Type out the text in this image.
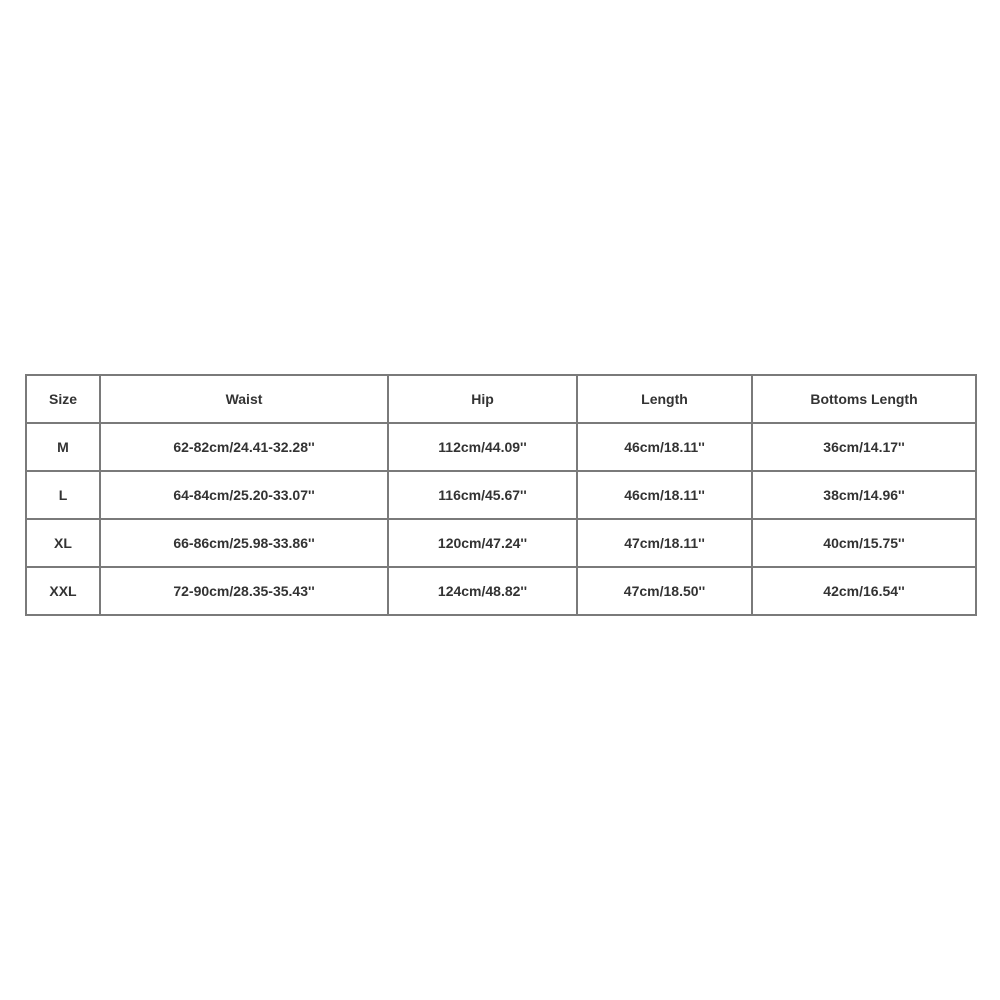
Size	Waist	Hip	Length	Bottoms Length
M	62-82cm/24.41-32.28''	112cm/44.09''	46cm/18.11''	36cm/14.17''
L	64-84cm/25.20-33.07''	116cm/45.67''	46cm/18.11''	38cm/14.96''
XL	66-86cm/25.98-33.86''	120cm/47.24''	47cm/18.11''	40cm/15.75''
XXL	72-90cm/28.35-35.43''	124cm/48.82''	47cm/18.50''	42cm/16.54''
